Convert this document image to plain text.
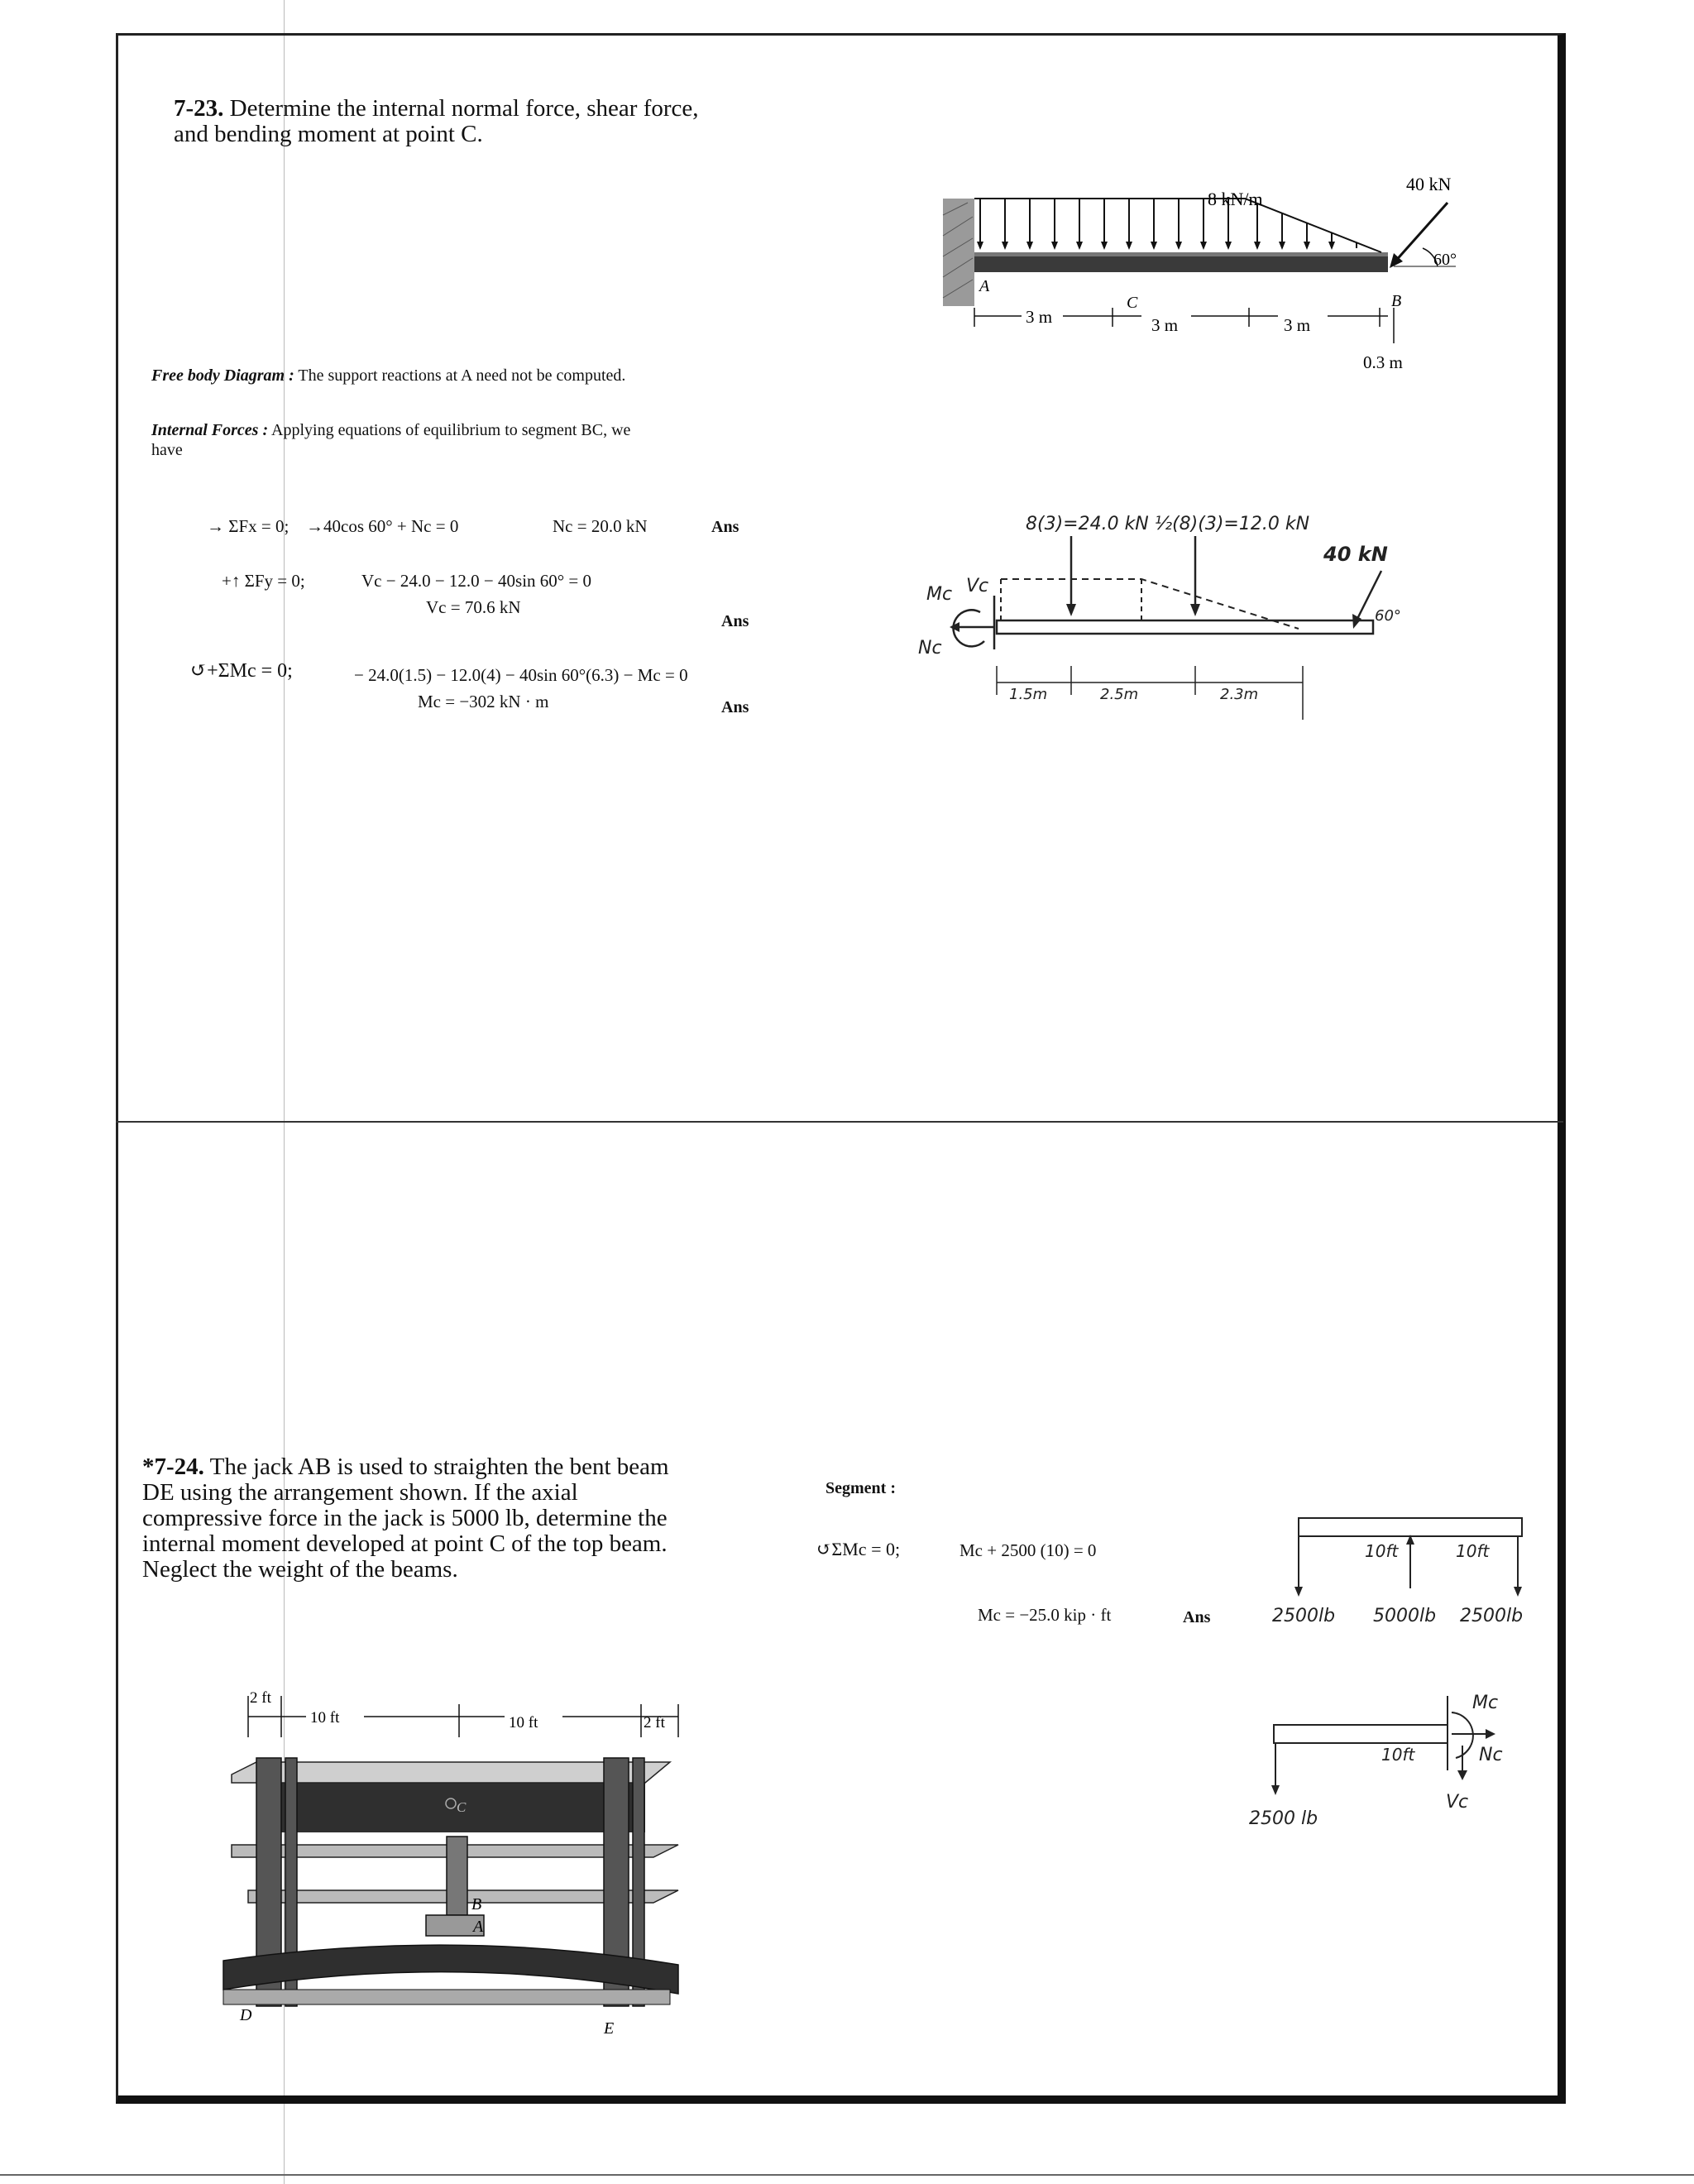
7-23. Determine the internal normal force, shear force,
and bending moment at point C.
8 kN/m
40 kN
60°
A
C	B
3 m	3 m	3 m
0.3 m
Free body Diagram : The support reactions at A need not be computed.
Internal Forces : Applying equations of equilibrium to segment BC, we
have
→ ΣFx = 0; →40cos 60° + Nc = 0	Nc = 20.0 kN	Ans
+↑ ΣFy = 0;	Vc − 24.0 − 12.0 − 40sin 60° = 0
Vc = 70.6 kN
Ans
↺+ΣMc = 0;	− 24.0(1.5) − 12.0(4) − 40sin 60°(6.3) − Mc = 0
Mc = −302 kN · m	Ans
8(3)=24.0 kN ½(8)(3)=12.0 kN
40 kN
60°
Mc Vc
Nc
1.5m	2.5m	2.3m
*7-24. The jack AB is used to straighten the bent beam
DE using the arrangement shown. If the axial
compressive force in the jack is 5000 lb, determine the
internal moment developed at point C of the top beam.
Neglect the weight of the beams.
2 ft
10 ft	10 ft	2 ft
C
B
A
D
E
Segment :
↺ΣMc = 0;	Mc + 2500 (10) = 0
Mc = −25.0 kip · ft	Ans
10ft	10ft
2500lb 5000lb 2500lb
Mc
Nc
10ft
Vc
2500 lb
